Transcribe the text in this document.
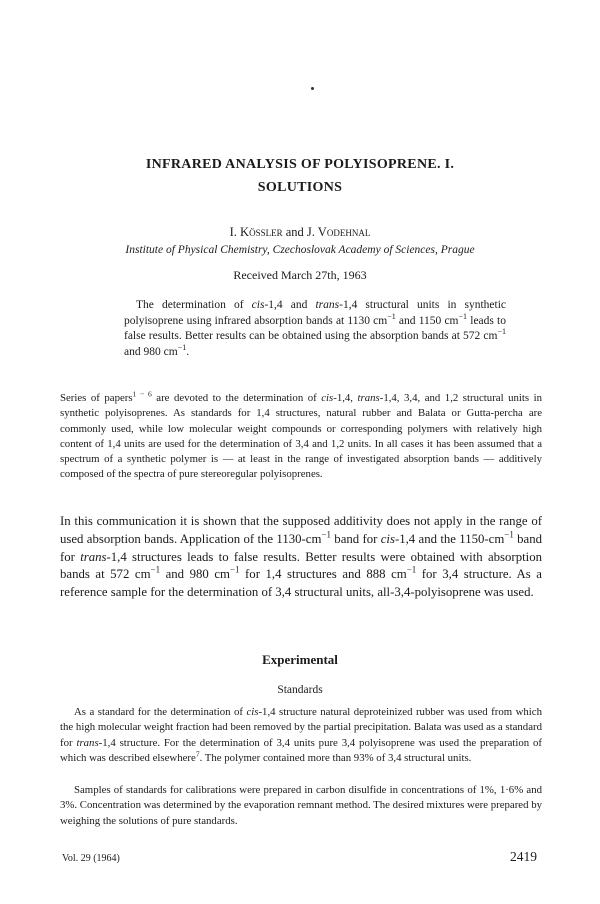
INFRARED ANALYSIS OF POLYISOPRENE. I.
SOLUTIONS
I. Kössler and J. Vodehnal
Institute of Physical Chemistry, Czechoslovak Academy of Sciences, Prague
Received March 27th, 1963

The determination of cis-1,4 and trans-1,4 structural units in synthetic polyisoprene using infrared absorption bands at 1130 $cm^{-1}$ and 1150 $cm^{-1}$ leads to false results. Better results can be obtained using the absorption bands at 572 $cm^{-1}$ and 980 $cm^{-1}$.

Series of papers$^{1 - 6}$ are devoted to the determination of cis-1,4, trans-1,4, 3,4, and 1,2 structural units in synthetic polyisoprenes. As standards for 1,4 structures, natural rubber and Balata or Gutta-percha are commonly used, while low molecular weight compounds or corresponding polymers with relatively high content of 1,4 units are used for the determination of 3,4 and 1,2 units. In all cases it has been assumed that a spectrum of a synthetic polymer is — at least in the range of investigated absorption bands — additively composed of the spectra of pure stereoregular polyisoprenes.

In this communication it is shown that the supposed additivity does not apply in the range of used absorption bands. Application of the $1130-cm^{-1}$ band for cis-1,4 and the $1150-cm^{-1}$ band for trans-1,4 structures leads to false results. Better results were obtained with absorption bands at 572 $cm^{-1}$ and 980 $cm^{-1}$ for 1,4 structures and 888 $cm^{-1}$ for 3,4 structure. As a reference sample for the determination of 3,4 structural units, all-3,4-polyisoprene was used.

Experimental
Standards

As a standard for the determination of cis-1,4 structure natural deproteinized rubber was used from which the high molecular weight fraction had been removed by the partial precipitation. Balata was used as a standard for trans-1,4 structure. For the determination of 3,4 units pure 3,4 polyisoprene was used the preparation of which was described elsewhere$^7$. The polymer contained more than 93% of 3,4 structural units.

Samples of standards for calibrations were prepared in carbon disulfide in concentrations of 1%, 1·6% and 3%. Concentration was determined by the evaporation remnant method. The desired mixtures were prepared by weighing the solutions of pure standards.

Vol. 29 (1964)	2419
